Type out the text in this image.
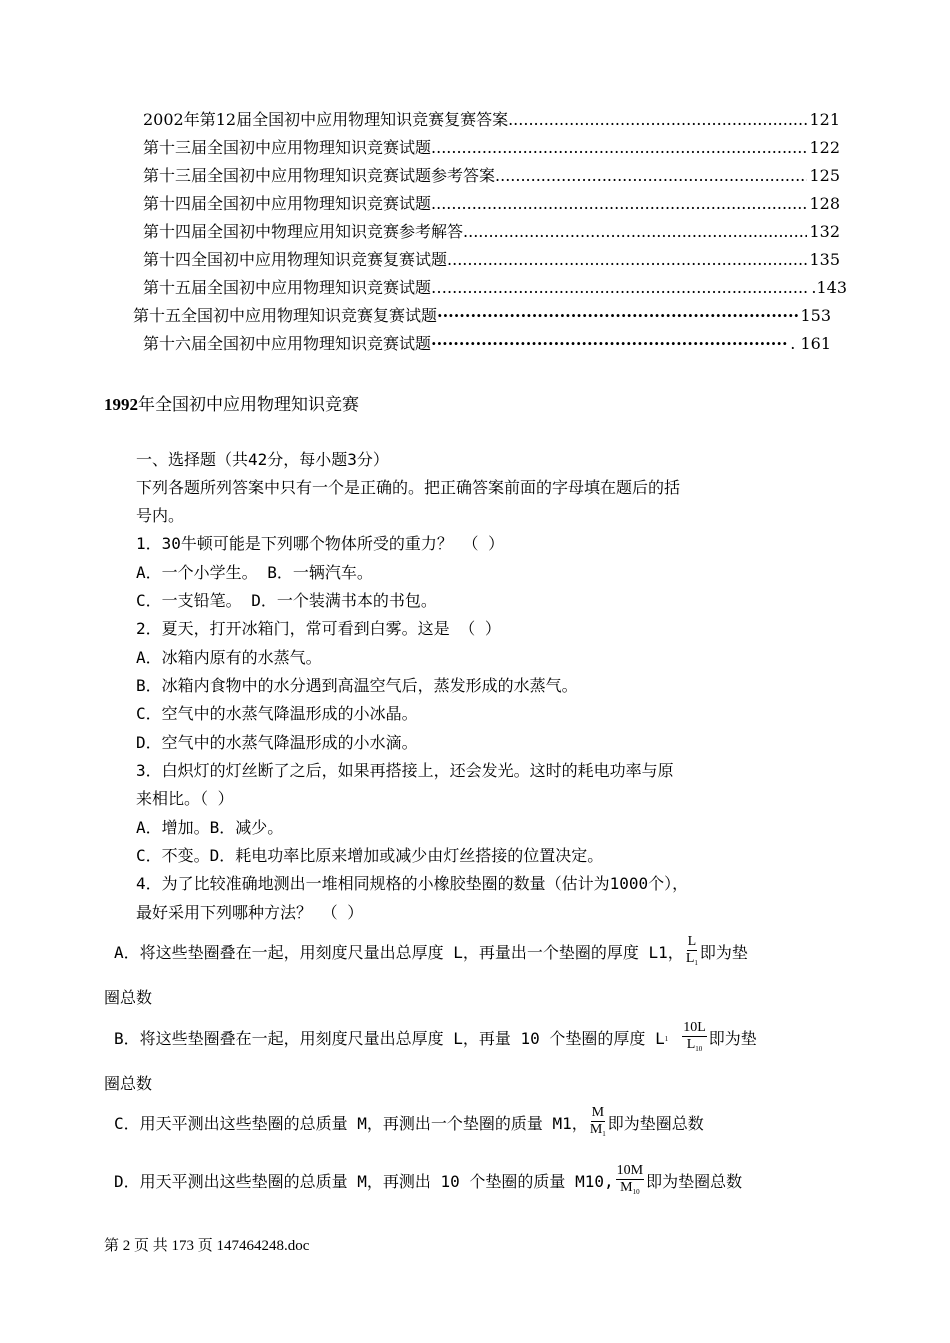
2002年第12届全国初中应用物理知识竞赛复赛答案 .....	121
第十三届全国初中应用物理知识竞赛试题 .....	122
第十三届全国初中应用物理知识竞赛试题参考答案 .....	125
第十四届全国初中应用物理知识竞赛试题 .....	128
第十四届全国初中物理应用知识竞赛参考解答 .....	132
第十四全国初中应用物理知识竞赛复赛试题 .....	135
第十五届全国初中应用物理知识竞赛试题… .....	.143
第十五全国初中应用物理知识竞赛复赛试题 ·····	153
第十六届全国初中应用物理知识竞赛试题 ·····	. 161
1992年全国初中应用物理知识竞赛
一、选择题（共42分，每小题3分）
下列各题所列答案中只有一个是正确的。把正确答案前面的字母填在题后的括
号内。
1．30牛顿可能是下列哪个物体所受的重力？ （ ）
A．一个小学生。 B．一辆汽车。
C．一支铅笔。 D．一个装满书本的书包。
2．夏天，打开冰箱门，常可看到白雾。这是 （ ）
A．冰箱内原有的水蒸气。
B．冰箱内食物中的水分遇到高温空气后，蒸发形成的水蒸气。
C．空气中的水蒸气降温形成的小冰晶。
D．空气中的水蒸气降温形成的小水滴。
3．白炽灯的灯丝断了之后，如果再搭接上，还会发光。这时的耗电功率与原
来相比。（ ）
A．增加。B．减少。
C．不变。D．耗电功率比原来增加或减少由灯丝搭接的位置决定。
4．为了比较准确地测出一堆相同规格的小橡胶垫圈的数量（估计为1000个），
最好采用下列哪种方法？ （ ）
A．将这些垫圈叠在一起，用刻度尺量出总厚度 L，再量出一个垫圈的厚度 L1， $\frac{L}{L_1}$ 即为垫
圈总数
B．将这些垫圈叠在一起，用刻度尺量出总厚度 L，再量 10 个垫圈的厚度 L $1 \frac{10L}{L_{10}}$ 即为垫
圈总数
C．用天平测出这些垫圈的总质量 M，再测出一个垫圈的质量 M1， $\frac{M}{M_1}$ 即为垫圈总数
D．用天平测出这些垫圈的总质量 M，再测出 10 个垫圈的质量 M10, $\frac{10M}{M_{10}}$ 即为垫圈总数
第 2 页 共 173 页 147464248.doc
